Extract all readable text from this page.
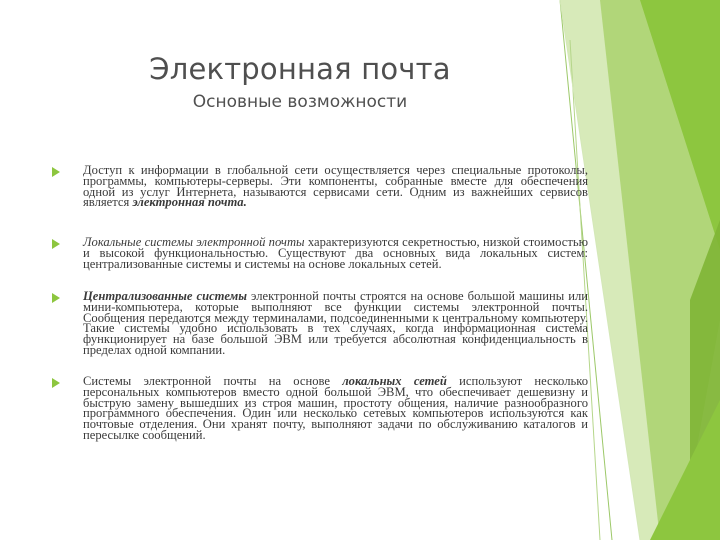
Электронная почта
Основные возможности
Доступ к информации в глобальной сети осуществляется через специальные протоколы, программы, компьютеры-серверы. Эти компоненты, собранные вместе для обеспечения одной из услуг Интернета, называются сервисами сети. Одним из важнейших сервисов является электронная почта.
Локальные системы электронной почты характеризуются секретностью, низкой стоимостью и высокой функциональностью. Существуют два основных вида локальных систем: централизованные системы и системы на основе локальных сетей.
Централизованные системы электронной почты строятся на основе большой машины или мини-компьютера, которые выполняют все функции системы электронной почты. Сообщения передаются между терминалами, подсоединенными к центральному компьютеру. Такие системы удобно использовать в тех случаях, когда информационная система функционирует на базе большой ЭВМ или требуется абсолютная конфиденциальность в пределах одной компании.
Системы электронной почты на основе локальных сетей используют несколько персональных компьютеров вместо одной большой ЭВМ, что обеспечивает дешевизну и быструю замену вышедших из строя машин, простоту общения, наличие разнообразного программного обеспечения. Один или несколько сетевых компьютеров используются как почтовые отделения. Они хранят почту, выполняют задачи по обслуживанию каталогов и пересылке сообщений.
